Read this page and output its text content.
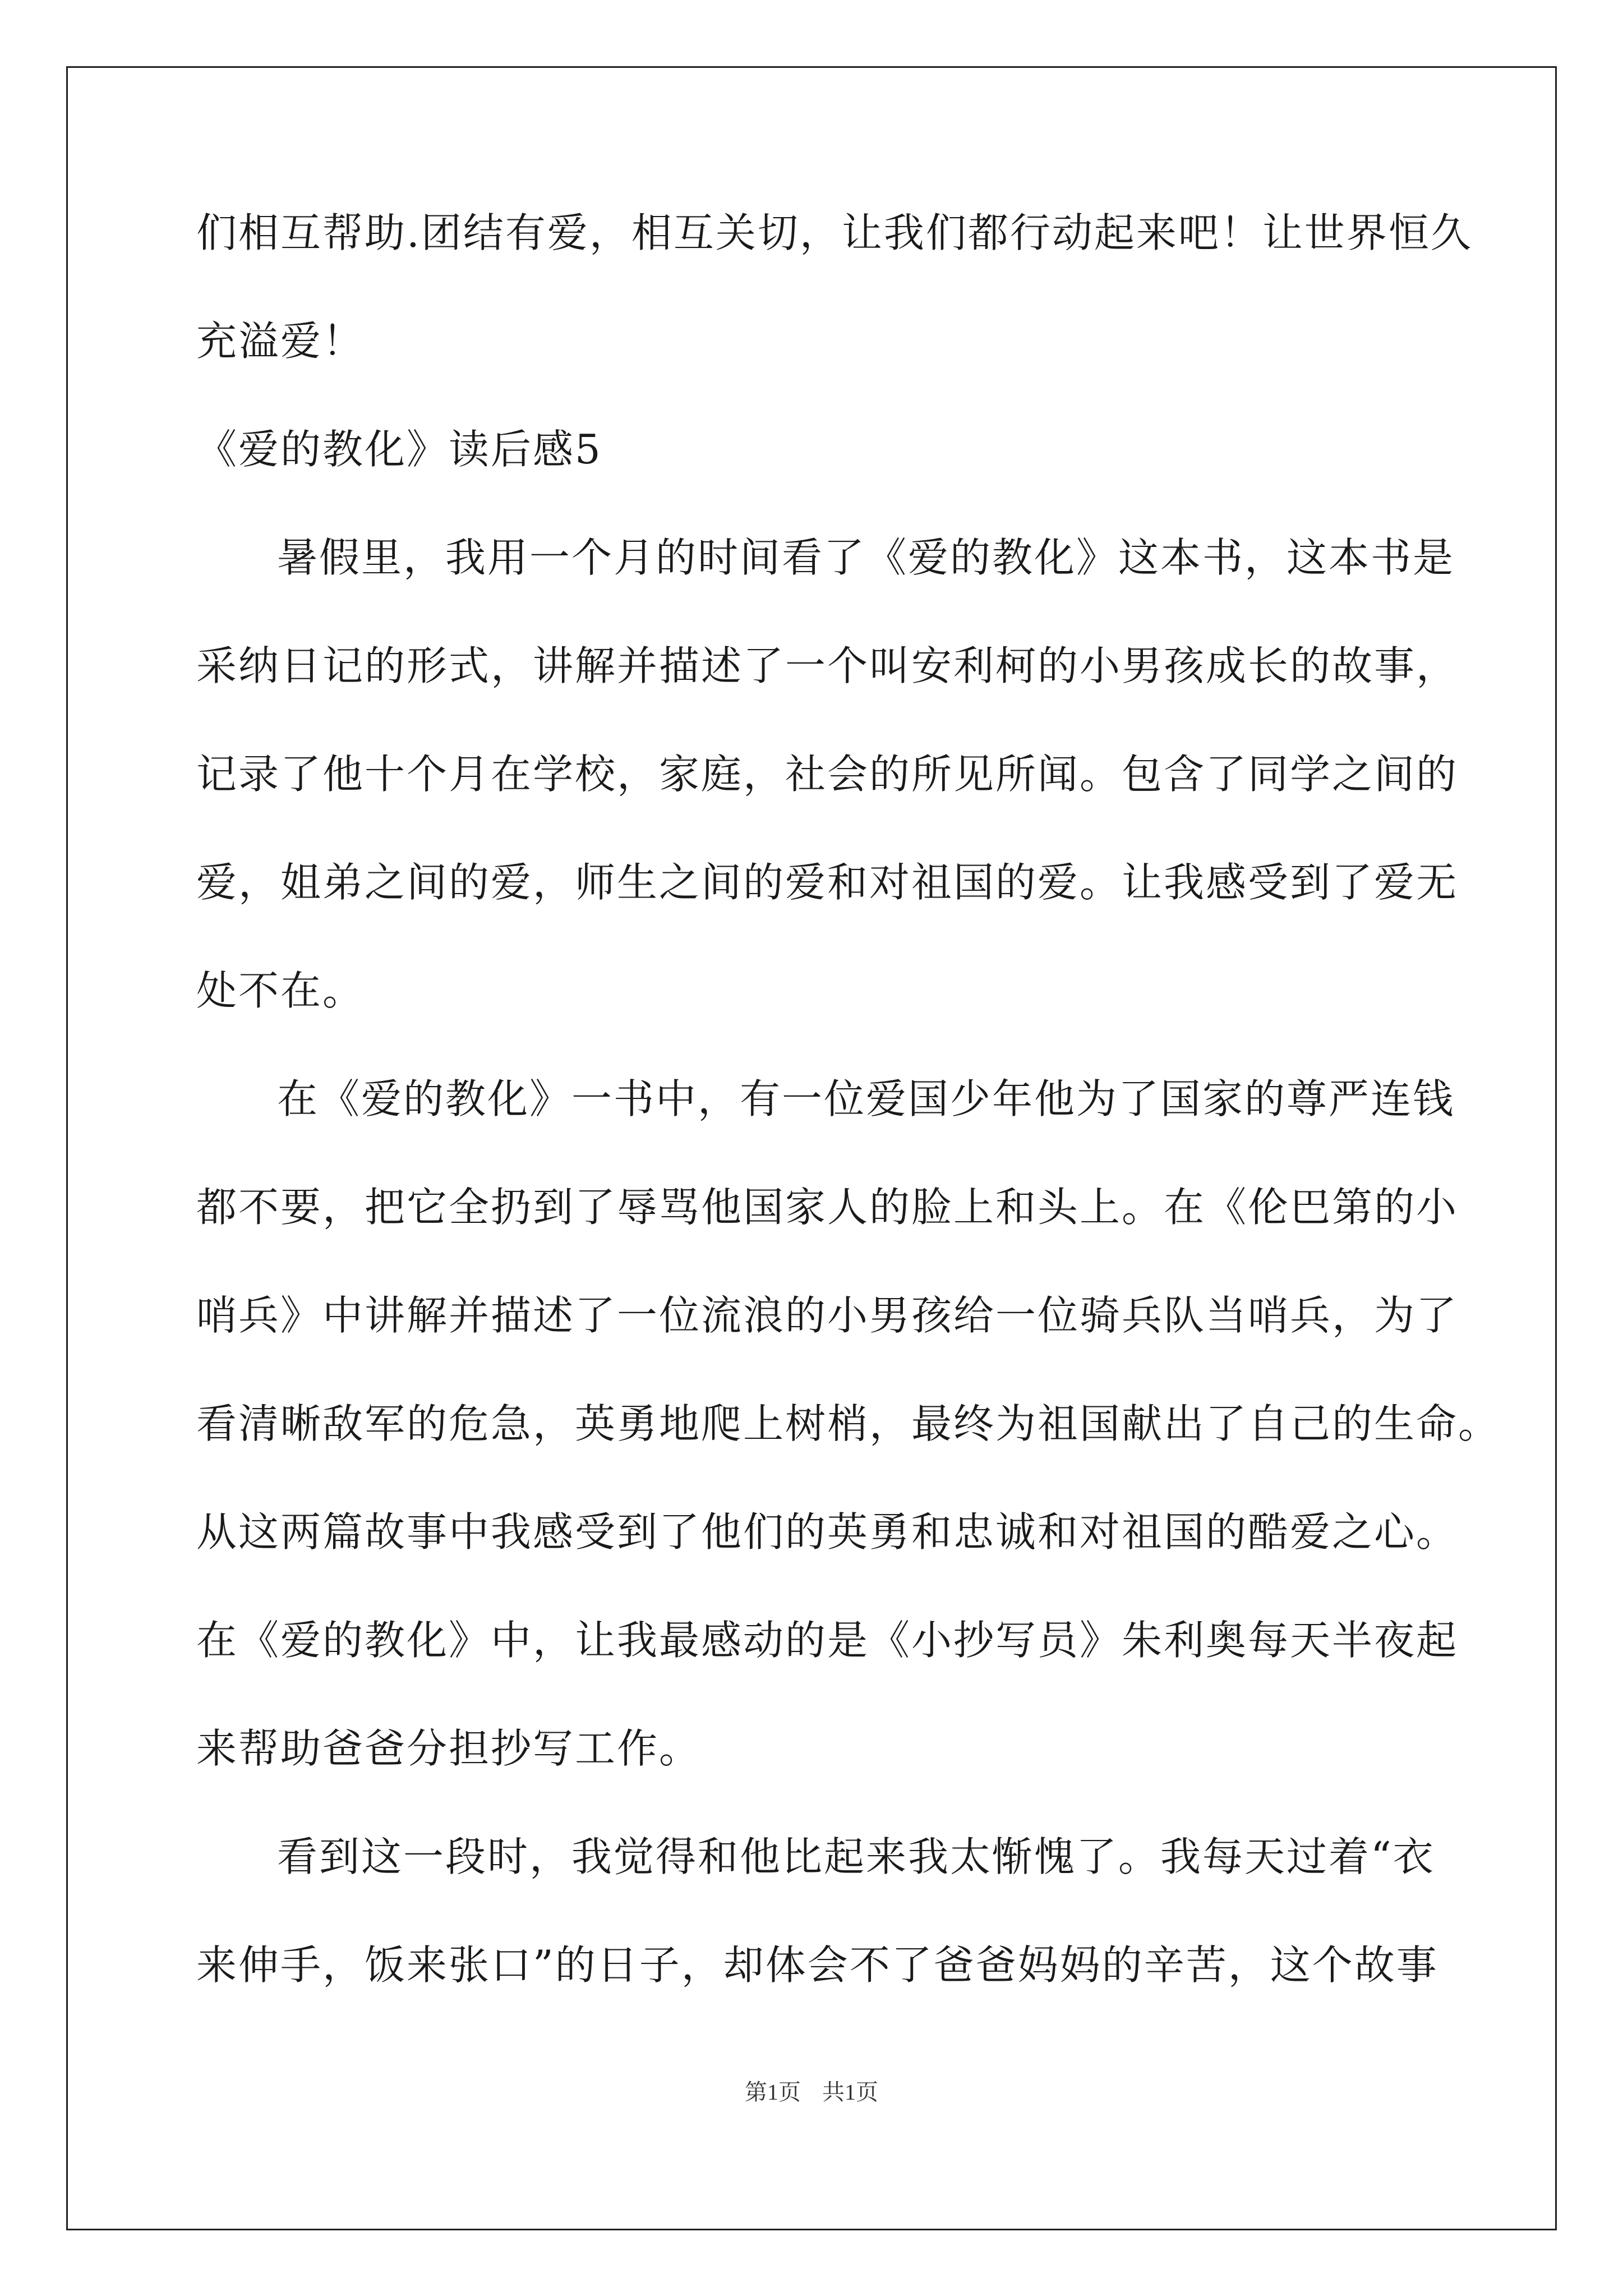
们相互帮助.团结有爱，相互关切，让我们都行动起来吧！让世界恒久
充溢爱！
《爱的教化》读后感5
暑假里，我用一个月的时间看了《爱的教化》这本书，这本书是
采纳日记的形式，讲解并描述了一个叫安利柯的小男孩成长的故事，
记录了他十个月在学校，家庭，社会的所见所闻。包含了同学之间的
爱，姐弟之间的爱，师生之间的爱和对祖国的爱。让我感受到了爱无
处不在。
在《爱的教化》一书中，有一位爱国少年他为了国家的尊严连钱
都不要，把它全扔到了辱骂他国家人的脸上和头上。在《伦巴第的小
哨兵》中讲解并描述了一位流浪的小男孩给一位骑兵队当哨兵，为了
看清晰敌军的危急，英勇地爬上树梢，最终为祖国献出了自己的生命。
从这两篇故事中我感受到了他们的英勇和忠诚和对祖国的酷爱之心。
在《爱的教化》中，让我最感动的是《小抄写员》朱利奥每天半夜起
来帮助爸爸分担抄写工作。
看到这一段时，我觉得和他比起来我太惭愧了。我每天过着“衣
来伸手，饭来张口”的日子，却体会不了爸爸妈妈的辛苦，这个故事
第1页 共1页
